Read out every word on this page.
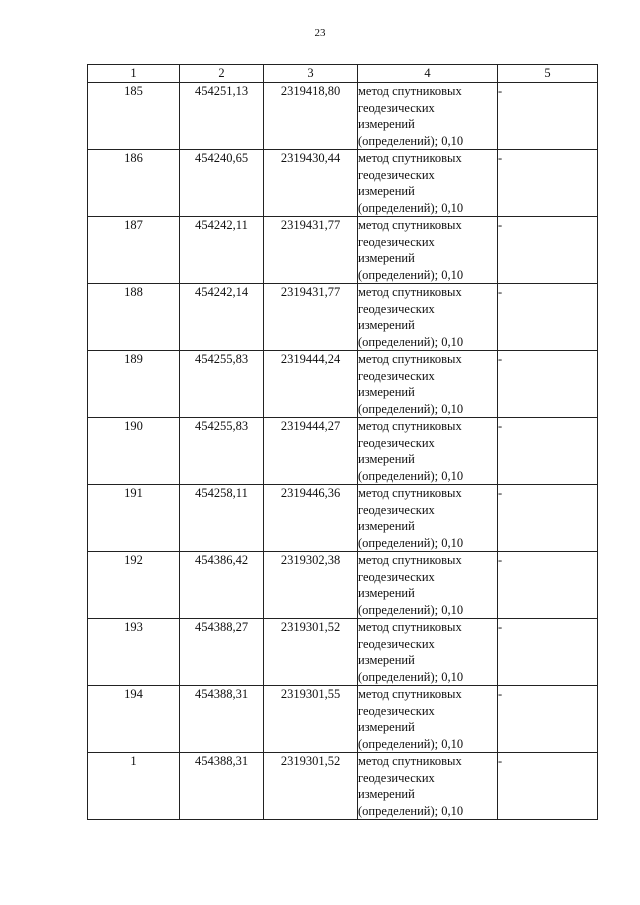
23
1	2	3	4	5
185	454251,13	2319418,80	метод спутниковых
геодезических
измерений
(определений); 0,10	-
186	454240,65	2319430,44	метод спутниковых
геодезических
измерений
(определений); 0,10	-
187	454242,11	2319431,77	метод спутниковых
геодезических
измерений
(определений); 0,10	-
188	454242,14	2319431,77	метод спутниковых
геодезических
измерений
(определений); 0,10	-
189	454255,83	2319444,24	метод спутниковых
геодезических
измерений
(определений); 0,10	-
190	454255,83	2319444,27	метод спутниковых
геодезических
измерений
(определений); 0,10	-
191	454258,11	2319446,36	метод спутниковых
геодезических
измерений
(определений); 0,10	-
192	454386,42	2319302,38	метод спутниковых
геодезических
измерений
(определений); 0,10	-
193	454388,27	2319301,52	метод спутниковых
геодезических
измерений
(определений); 0,10	-
194	454388,31	2319301,55	метод спутниковых
геодезических
измерений
(определений); 0,10	-
1	454388,31	2319301,52	метод спутниковых
геодезических
измерений
(определений); 0,10	-
